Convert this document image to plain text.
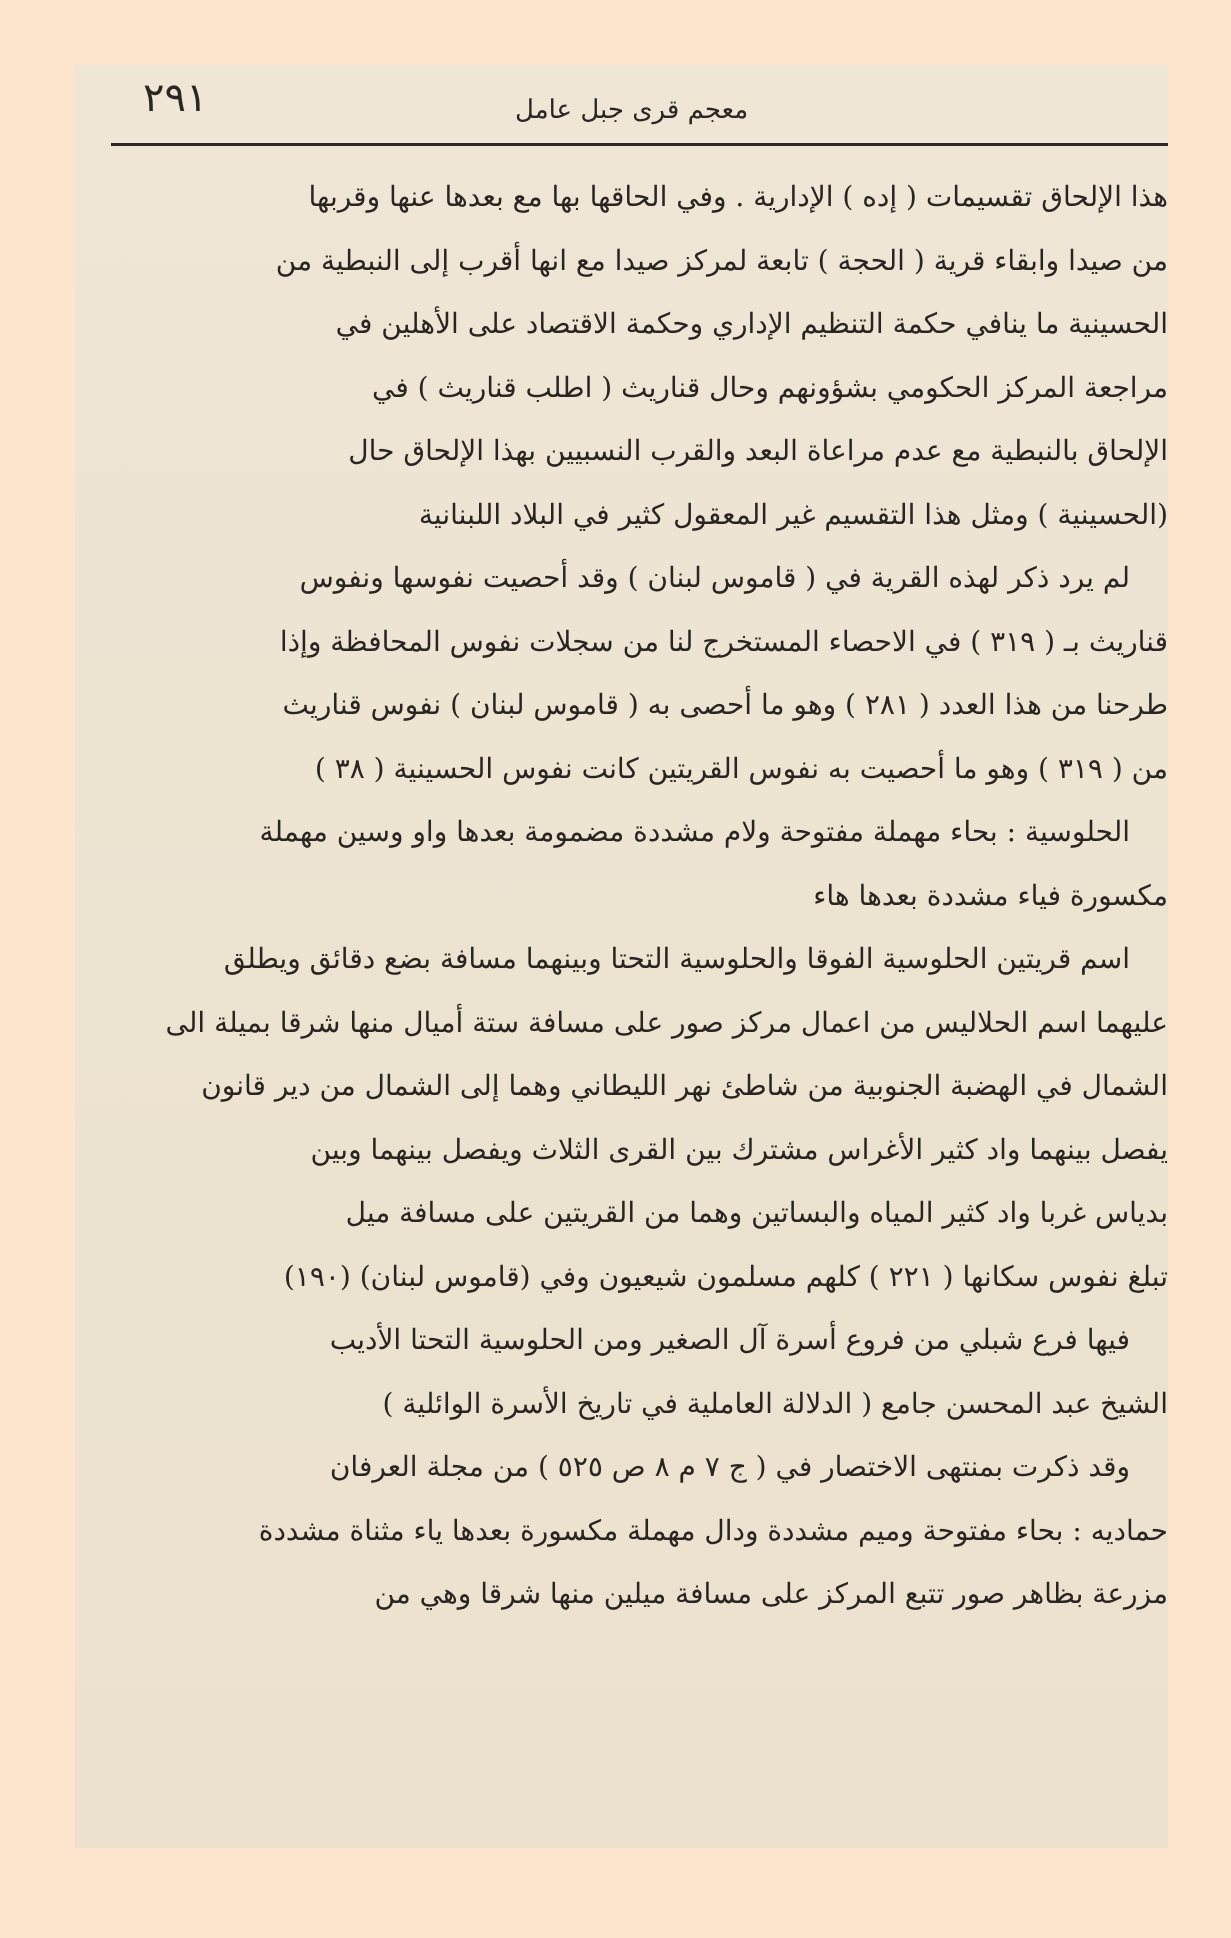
٢٩١	معجم قرى جبل عامل
هذا الإلحاق تقسيمات ( إده ) الإدارية . وفي الحاقها بها مع بعدها عنها وقربها
من صيدا وابقاء قرية ( الحجة ) تابعة لمركز صيدا مع انها أقرب إلى النبطية من
الحسينية ما ينافي حكمة التنظيم الإداري وحكمة الاقتصاد على الأهلين في
مراجعة المركز الحكومي بشؤونهم وحال قناريث ( اطلب قناريث ) في
الإلحاق بالنبطية مع عدم مراعاة البعد والقرب النسبيين بهذا الإلحاق حال
(الحسينية ) ومثل هذا التقسيم غير المعقول كثير في البلاد اللبنانية
لم يرد ذكر لهذه القرية في ( قاموس لبنان ) وقد أحصيت نفوسها ونفوس
قناريث بـ ( ٣١٩ ) في الاحصاء المستخرج لنا من سجلات نفوس المحافظة وإذا
طرحنا من هذا العدد ( ٢٨١ ) وهو ما أحصى به ( قاموس لبنان ) نفوس قناريث
من ( ٣١٩ ) وهو ما أحصيت به نفوس القريتين كانت نفوس الحسينية ( ٣٨ )
الحلوسية : بحاء مهملة مفتوحة ولام مشددة مضمومة بعدها واو وسين مهملة
مكسورة فياء مشددة بعدها هاء
اسم قريتين الحلوسية الفوقا والحلوسية التحتا وبينهما مسافة بضع دقائق ويطلق
عليهما اسم الحلاليس من اعمال مركز صور على مسافة ستة أميال منها شرقا بميلة الى
الشمال في الهضبة الجنوبية من شاطئ نهر الليطاني وهما إلى الشمال من دير قانون
يفصل بينهما واد كثير الأغراس مشترك بين القرى الثلاث ويفصل بينهما وبين
بدياس غربا واد كثير المياه والبساتين وهما من القريتين على مسافة ميل
تبلغ نفوس سكانها ( ٢٢١ ) كلهم مسلمون شيعيون وفي (قاموس لبنان) (١٩٠)
فيها فرع شبلي من فروع أسرة آل الصغير ومن الحلوسية التحتا الأديب
الشيخ عبد المحسن جامع ( الدلالة العاملية في تاريخ الأسرة الوائلية )
وقد ذكرت بمنتهى الاختصار في ( ج ٧ م ٨ ص ٥٢٥ ) من مجلة العرفان
حماديه : بحاء مفتوحة وميم مشددة ودال مهملة مكسورة بعدها ياء مثناة مشددة
مزرعة بظاهر صور تتبع المركز على مسافة ميلين منها شرقا وهي من
